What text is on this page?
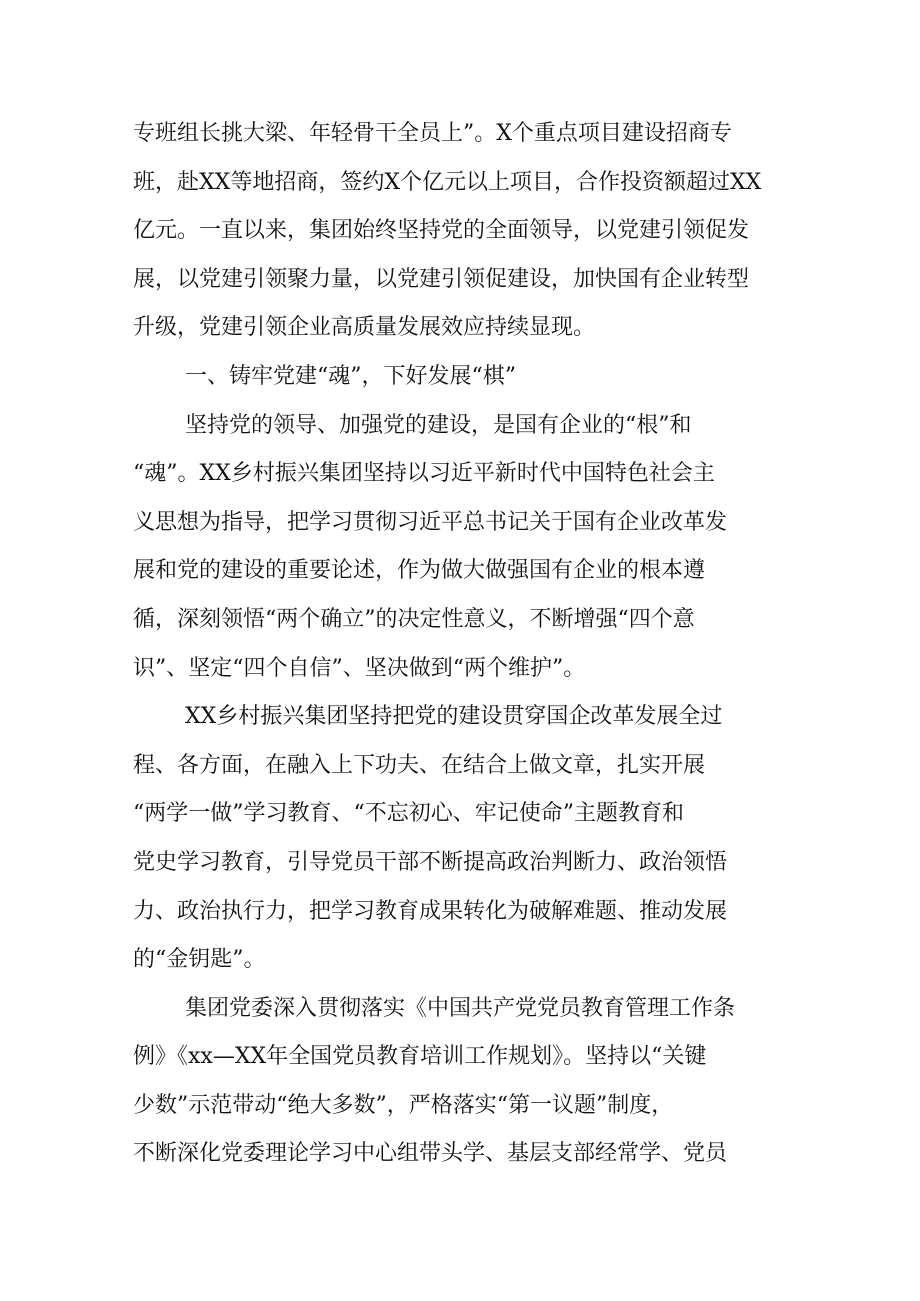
专班组长挑大梁、年轻骨干全员上”。X个重点项目建设招商专
班，赴XX等地招商，签约X个亿元以上项目，合作投资额超过XX
亿元。一直以来，集团始终坚持党的全面领导，以党建引领促发
展，以党建引领聚力量，以党建引领促建设，加快国有企业转型
升级，党建引领企业高质量发展效应持续显现。
一、铸牢党建“魂”，下好发展“棋”
坚持党的领导、加强党的建设，是国有企业的“根”和
“魂”。XX乡村振兴集团坚持以习近平新时代中国特色社会主
义思想为指导，把学习贯彻习近平总书记关于国有企业改革发
展和党的建设的重要论述，作为做大做强国有企业的根本遵
循，深刻领悟“两个确立”的决定性意义，不断增强“四个意
识”、坚定“四个自信”、坚决做到“两个维护”。
XX乡村振兴集团坚持把党的建设贯穿国企改革发展全过
程、各方面，在融入上下功夫、在结合上做文章，扎实开展
“两学一做”学习教育、“不忘初心、牢记使命”主题教育和
党史学习教育，引导党员干部不断提高政治判断力、政治领悟
力、政治执行力，把学习教育成果转化为破解难题、推动发展
的“金钥匙”。
集团党委深入贯彻落实《中国共产党党员教育管理工作条
例》《xx—XX年全国党员教育培训工作规划》。坚持以“关键
少数”示范带动“绝大多数”，严格落实“第一议题”制度，
不断深化党委理论学习中心组带头学、基层支部经常学、党员
